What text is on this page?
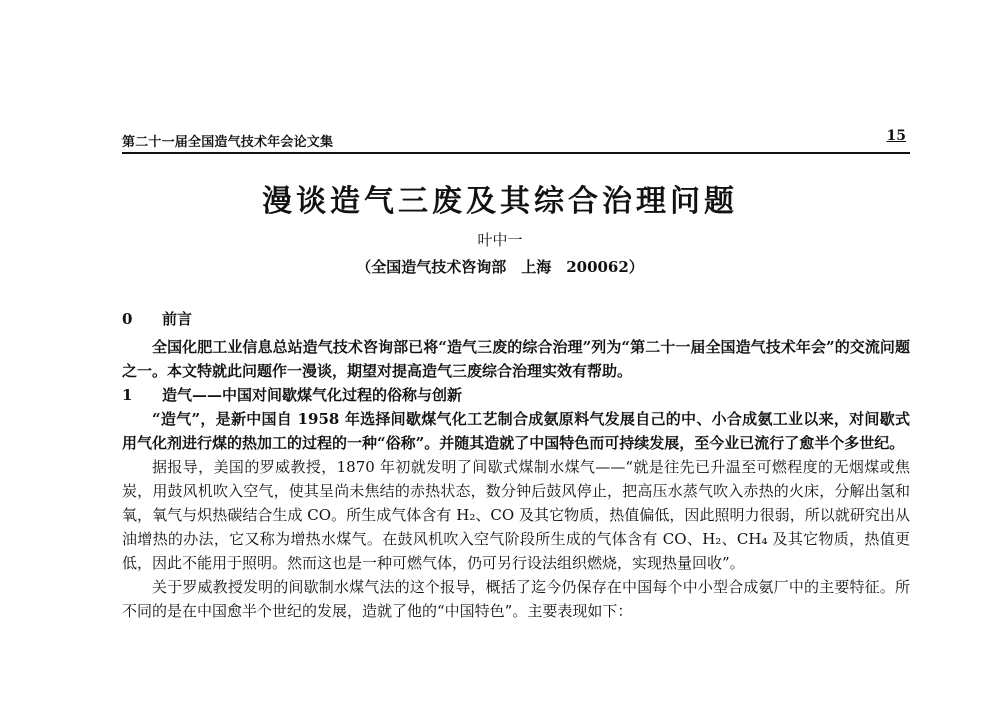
第二十一届全国造气技术年会论文集	15
漫谈造气三废及其综合治理问题
叶中一
（全国造气技术咨询部　上海　200062）
0 前言

全国化肥工业信息总站造气技术咨询部已将“造气三废的综合治理”列为“第二十一届全国造气技术年会”的交流问题之一。本文特就此问题作一漫谈，期望对提高造气三废综合治理实效有帮助。

1 造气——中国对间歇煤气化过程的俗称与创新

“造气”，是新中国自 1958 年选择间歇煤气化工艺制合成氨原料气发展自己的中、小合成氨工业以来，对间歇式用气化剂进行煤的热加工的过程的一种“俗称”。并随其造就了中国特色而可持续发展，至今业已流行了愈半个多世纪。

据报导，美国的罗威教授，1870 年初就发明了间歇式煤制水煤气——“就是往先已升温至可燃程度的无烟煤或焦炭，用鼓风机吹入空气，使其呈尚未焦结的赤热状态，数分钟后鼓风停止，把高压水蒸气吹入赤热的火床，分解出氢和氧，氧气与炽热碳结合生成 CO。所生成气体含有 H₂、CO 及其它物质，热值偏低，因此照明力很弱，所以就研究出从油增热的办法，它又称为增热水煤气。在鼓风机吹入空气阶段所生成的气体含有 CO、H₂、CH₄ 及其它物质，热值更低，因此不能用于照明。然而这也是一种可燃气体，仍可另行设法组织燃烧，实现热量回收”。

关于罗威教授发明的间歇制水煤气法的这个报导，概括了迄今仍保存在中国每个中小型合成氨厂中的主要特征。所不同的是在中国愈半个世纪的发展，造就了他的“中国特色”。主要表现如下：
